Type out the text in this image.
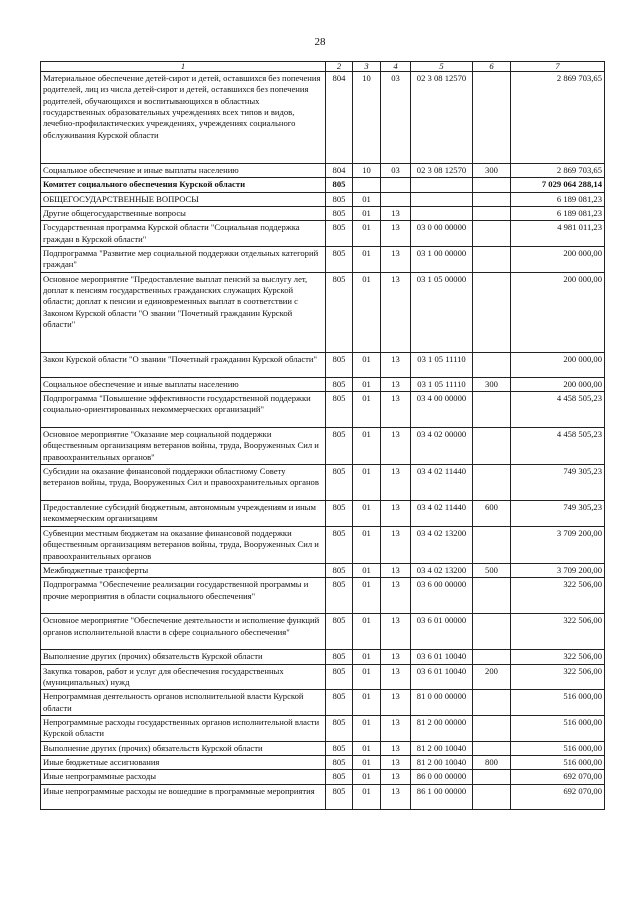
28
1	2	3	4	5	6	7
Материальное обеспечение детей-сирот и детей, оставшихся без попечения родителей, лиц из числа детей-сирот и детей, оставшихся без попечения родителей, обучающихся и воспитывающихся в областных государственных образовательных учреждениях всех типов и видов, лечебно-профилактических учреждениях, учреждениях социального обслуживания Курской области	804	10	03	02 3 08 12570		2 869 703,65
Социальное обеспечение и иные выплаты населению	804	10	03	02 3 08 12570	300	2 869 703,65
Комитет социального обеспечения Курской области	805					7 029 064 288,14
ОБЩЕГОСУДАРСТВЕННЫЕ ВОПРОСЫ	805	01				6 189 081,23
Другие общегосударственные вопросы	805	01	13			6 189 081,23
Государственная программа Курской области "Социальная поддержка граждан в Курской области"	805	01	13	03 0 00 00000		4 981 011,23
Подпрограмма "Развитие мер социальной поддержки отдельных категорий граждан"	805	01	13	03 1 00 00000		200 000,00
Основное мероприятие "Предоставление выплат пенсий за выслугу лет, доплат к пенсиям государственных гражданских служащих Курской области; доплат к пенсии и единовременных выплат в соответствии с Законом Курской области "О звании "Почетный гражданин Курской области"	805	01	13	03 1 05 00000		200 000,00
Закон Курской области "О звании "Почетный гражданин Курской области"	805	01	13	03 1 05 11110		200 000,00
Социальное обеспечение и иные выплаты населению	805	01	13	03 1 05 11110	300	200 000,00
Подпрограмма "Повышение эффективности государственной поддержки социально-ориентированных некоммерческих организаций"	805	01	13	03 4 00 00000		4 458 505,23
Основное мероприятие "Оказание мер социальной поддержки общественным организациям ветеранов войны, труда, Вооруженных Сил и правоохранительных органов"	805	01	13	03 4 02 00000		4 458 505,23
Субсидии на оказание финансовой поддержки областному Совету ветеранов войны, труда, Вооруженных Сил и правоохранительных органов	805	01	13	03 4 02 11440		749 305,23
Предоставление субсидий бюджетным, автономным учреждениям и иным некоммерческим организациям	805	01	13	03 4 02 11440	600	749 305,23
Субвенции местным бюджетам на оказание финансовой поддержки общественным организациям ветеранов войны, труда, Вооруженных Сил и правоохранительных органов	805	01	13	03 4 02 13200		3 709 200,00
Межбюджетные трансферты	805	01	13	03 4 02 13200	500	3 709 200,00
Подпрограмма "Обеспечение реализации государственной программы и прочие мероприятия в области социального обеспечения"	805	01	13	03 6 00 00000		322 506,00
Основное мероприятие "Обеспечение деятельности и исполнение функций органов исполнительной власти в сфере социального обеспечения"	805	01	13	03 6 01 00000		322 506,00
Выполнение других (прочих) обязательств Курской области	805	01	13	03 6 01 10040		322 506,00
Закупка товаров, работ и услуг для обеспечения государственных (муниципальных) нужд	805	01	13	03 6 01 10040	200	322 506,00
Непрограммная деятельность органов исполнительной власти Курской области	805	01	13	81 0 00 00000		516 000,00
Непрограммные расходы государственных органов исполнительной власти Курской области	805	01	13	81 2 00 00000		516 000,00
Выполнение других (прочих) обязательств Курской области	805	01	13	81 2 00 10040		516 000,00
Иные бюджетные ассигнования	805	01	13	81 2 00 10040	800	516 000,00
Иные непрограммные расходы	805	01	13	86 0 00 00000		692 070,00
Иные непрограммные расходы не вошедшие в программные мероприятия	805	01	13	86 1 00 00000		692 070,00
